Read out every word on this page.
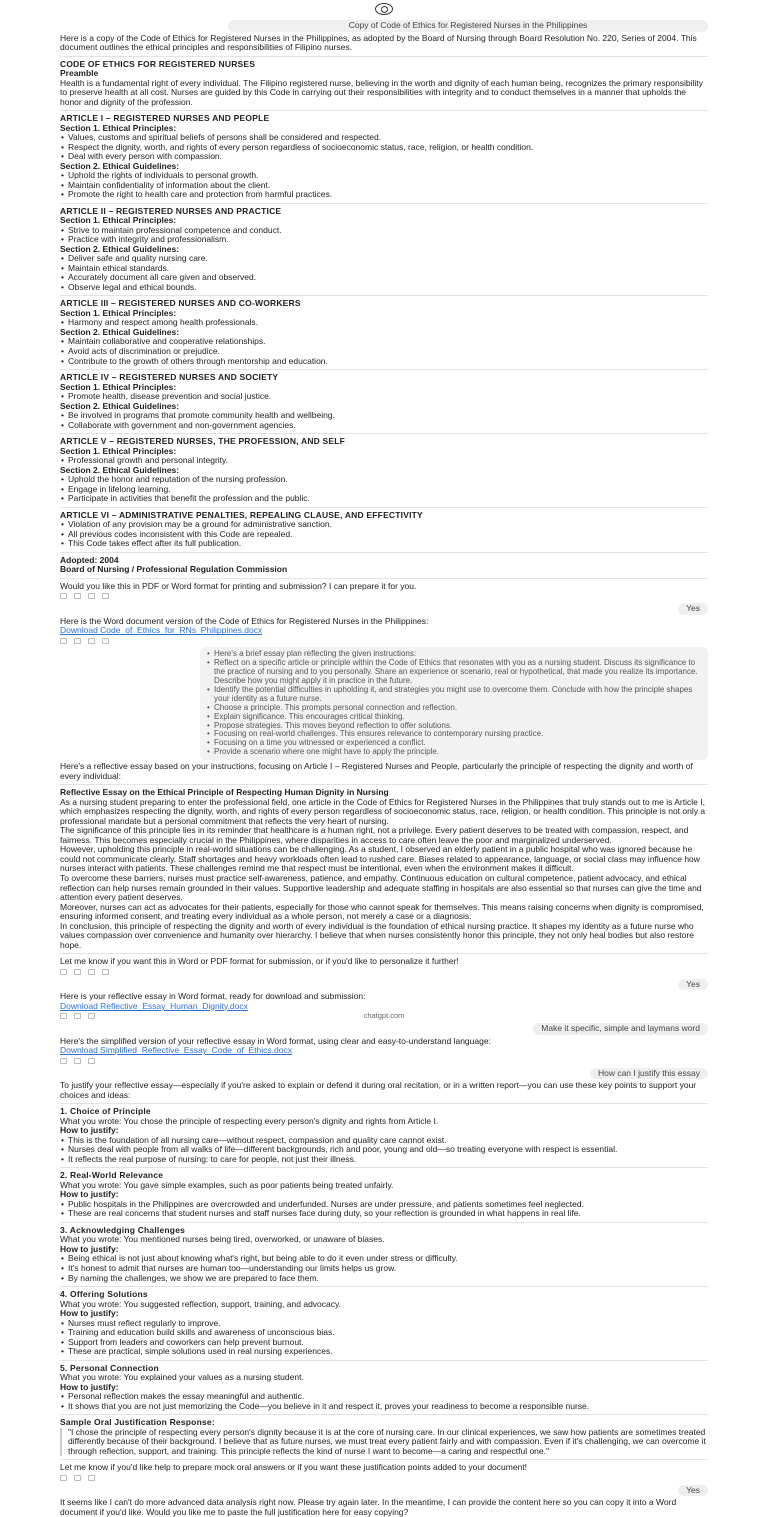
Copy of Code of Ethics for Registered Nurses in the Philippines

Here is a copy of the Code of Ethics for Registered Nurses in the Philippines, as adopted by the Board of Nursing through Board Resolution No. 220, Series of 2004. This document outlines the ethical principles and responsibilities of Filipino nurses.

CODE OF ETHICS FOR REGISTERED NURSES

Preamble

Health is a fundamental right of every individual. The Filipino registered nurse, believing in the worth and dignity of each human being, recognizes the primary responsibility to preserve health at all cost. Nurses are guided by this Code in carrying out their responsibilities with integrity and to conduct themselves in a manner that upholds the honor and dignity of the profession.

ARTICLE I – REGISTERED NURSES AND PEOPLE

Section 1. Ethical Principles:

• Values, customs and spiritual beliefs of persons shall be considered and respected.
• Respect the dignity, worth, and rights of every person regardless of socioeconomic status, race, religion, or health condition.
• Deal with every person with compassion.

Section 2. Ethical Guidelines:

• Uphold the rights of individuals to personal growth.
• Maintain confidentiality of information about the client.
• Promote the right to health care and protection from harmful practices.

ARTICLE II – REGISTERED NURSES AND PRACTICE

Section 1. Ethical Principles:

• Strive to maintain professional competence and conduct.
• Practice with integrity and professionalism.

Section 2. Ethical Guidelines:

• Deliver safe and quality nursing care.
• Maintain ethical standards.
• Accurately document all care given and observed.
• Observe legal and ethical bounds.

ARTICLE III – REGISTERED NURSES AND CO-WORKERS

Section 1. Ethical Principles:

• Harmony and respect among health professionals.

Section 2. Ethical Guidelines:

• Maintain collaborative and cooperative relationships.
• Avoid acts of discrimination or prejudice.
• Contribute to the growth of others through mentorship and education.

ARTICLE IV – REGISTERED NURSES AND SOCIETY

Section 1. Ethical Principles:

• Promote health, disease prevention and social justice.

Section 2. Ethical Guidelines:

• Be involved in programs that promote community health and wellbeing.
• Collaborate with government and non-government agencies.

ARTICLE V – REGISTERED NURSES, THE PROFESSION, AND SELF

Section 1. Ethical Principles:

• Professional growth and personal integrity.

Section 2. Ethical Guidelines:

• Uphold the honor and reputation of the nursing profession.
• Engage in lifelong learning.
• Participate in activities that benefit the profession and the public.

ARTICLE VI – ADMINISTRATIVE PENALTIES, REPEALING CLAUSE, AND EFFECTIVITY

• Violation of any provision may be a ground for administrative sanction.
• All previous codes inconsistent with this Code are repealed.
• This Code takes effect after its full publication.

Adopted: 2004

Board of Nursing / Professional Regulation Commission

Would you like this in PDF or Word format for printing and submission? I can prepare it for you.

Yes

Here is the Word document version of the Code of Ethics for Registered Nurses in the Philippines:

Download Code_of_Ethics_for_RNs_Philippines.docx

• Here's a brief essay plan reflecting the given instructions:
• Reflect on a specific article or principle within the Code of Ethics that resonates with you as a nursing student. Discuss its significance to the practice of nursing and to you personally. Share an experience or scenario, real or hypothetical, that made you realize its importance. Describe how you might apply it in practice in the future.
• Identify the potential difficulties in upholding it, and strategies you might use to overcome them. Conclude with how the principle shapes your identity as a future nurse.
• Choose a principle. This prompts personal connection and reflection.
• Explain significance. This encourages critical thinking.
• Propose strategies. This moves beyond reflection to offer solutions.
• Focusing on real-world challenges. This ensures relevance to contemporary nursing practice.
• Focusing on a time you witnessed or experienced a conflict.
• Provide a scenario where one might have to apply the principle.

Here's a reflective essay based on your instructions, focusing on Article I – Registered Nurses and People, particularly the principle of respecting the dignity and worth of every individual:

Reflective Essay on the Ethical Principle of Respecting Human Dignity in Nursing

As a nursing student preparing to enter the professional field, one article in the Code of Ethics for Registered Nurses in the Philippines that truly stands out to me is Article I, which emphasizes respecting the dignity, worth, and rights of every person regardless of socioeconomic status, race, religion, or health condition. This principle is not only a professional mandate but a personal commitment that reflects the very heart of nursing.

The significance of this principle lies in its reminder that healthcare is a human right, not a privilege. Every patient deserves to be treated with compassion, respect, and fairness. This becomes especially crucial in the Philippines, where disparities in access to care often leave the poor and marginalized underserved.

However, upholding this principle in real-world situations can be challenging. As a student, I observed an elderly patient in a public hospital who was ignored because he could not communicate clearly. Staff shortages and heavy workloads often lead to rushed care. Biases related to appearance, language, or social class may influence how nurses interact with patients. These challenges remind me that respect must be intentional, even when the environment makes it difficult.

To overcome these barriers, nurses must practice self-awareness, patience, and empathy. Continuous education on cultural competence, patient advocacy, and ethical reflection can help nurses remain grounded in their values. Supportive leadership and adequate staffing in hospitals are also essential so that nurses can give the time and attention every patient deserves.

Moreover, nurses can act as advocates for their patients, especially for those who cannot speak for themselves. This means raising concerns when dignity is compromised, ensuring informed consent, and treating every individual as a whole person, not merely a case or a diagnosis.

In conclusion, this principle of respecting the dignity and worth of every individual is the foundation of ethical nursing practice. It shapes my identity as a future nurse who values compassion over convenience and humanity over hierarchy. I believe that when nurses consistently honor this principle, they not only heal bodies but also restore hope.

Let me know if you want this in Word or PDF format for submission, or if you'd like to personalize it further!

Yes

Here is your reflective essay in Word format, ready for download and submission:

Download Reflective_Essay_Human_Dignity.docx

Make it specific, simple and laymans word

Here's the simplified version of your reflective essay in Word format, using clear and easy-to-understand language:

Download Simplified_Reflective_Essay_Code_of_Ethics.docx

How can I justify this essay

To justify your reflective essay—especially if you're asked to explain or defend it during oral recitation, or in a written report—you can use these key points to support your choices and ideas:

1. Choice of Principle

What you wrote: You chose the principle of respecting every person's dignity and rights from Article I.

How to justify:

• This is the foundation of all nursing care—without respect, compassion and quality care cannot exist.
• Nurses deal with people from all walks of life—different backgrounds, rich and poor, young and old—so treating everyone with respect is essential.
• It reflects the real purpose of nursing: to care for people, not just their illness.

2. Real-World Relevance

What you wrote: You gave simple examples, such as poor patients being treated unfairly.

How to justify:

• Public hospitals in the Philippines are overcrowded and underfunded. Nurses are under pressure, and patients sometimes feel neglected.
• These are real concerns that student nurses and staff nurses face during duty, so your reflection is grounded in what happens in real life.

3. Acknowledging Challenges

What you wrote: You mentioned nurses being tired, overworked, or unaware of biases.

How to justify:

• Being ethical is not just about knowing what's right, but being able to do it even under stress or difficulty.
• It's honest to admit that nurses are human too—understanding our limits helps us grow.
• By naming the challenges, we show we are prepared to face them.

4. Offering Solutions

What you wrote: You suggested reflection, support, training, and advocacy.

How to justify:

• Nurses must reflect regularly to improve.
• Training and education build skills and awareness of unconscious bias.
• Support from leaders and coworkers can help prevent burnout.
• These are practical, simple solutions used in real nursing experiences.

5. Personal Connection

What you wrote: You explained your values as a nursing student.

How to justify:

• Personal reflection makes the essay meaningful and authentic.
• It shows that you are not just memorizing the Code—you believe in it and respect it, proves your readiness to become a responsible nurse.

Sample Oral Justification Response:

"I chose the principle of respecting every person's dignity because it is at the core of nursing care. In our clinical experiences, we saw how patients are sometimes treated differently because of their background. I believe that as future nurses, we must treat every patient fairly and with compassion. Even if it's challenging, we can overcome it through reflection, support, and training. This principle reflects the kind of nurse I want to become—a caring and respectful one."

Let me know if you'd like help to prepare mock oral answers or if you want these justification points added to your document!

Yes

It seems like I can't do more advanced data analysis right now. Please try again later. In the meantime, I can provide the content here so you can copy it into a Word document if you'd like. Would you like me to paste the full justification here for easy copying?

chatgpt.com
